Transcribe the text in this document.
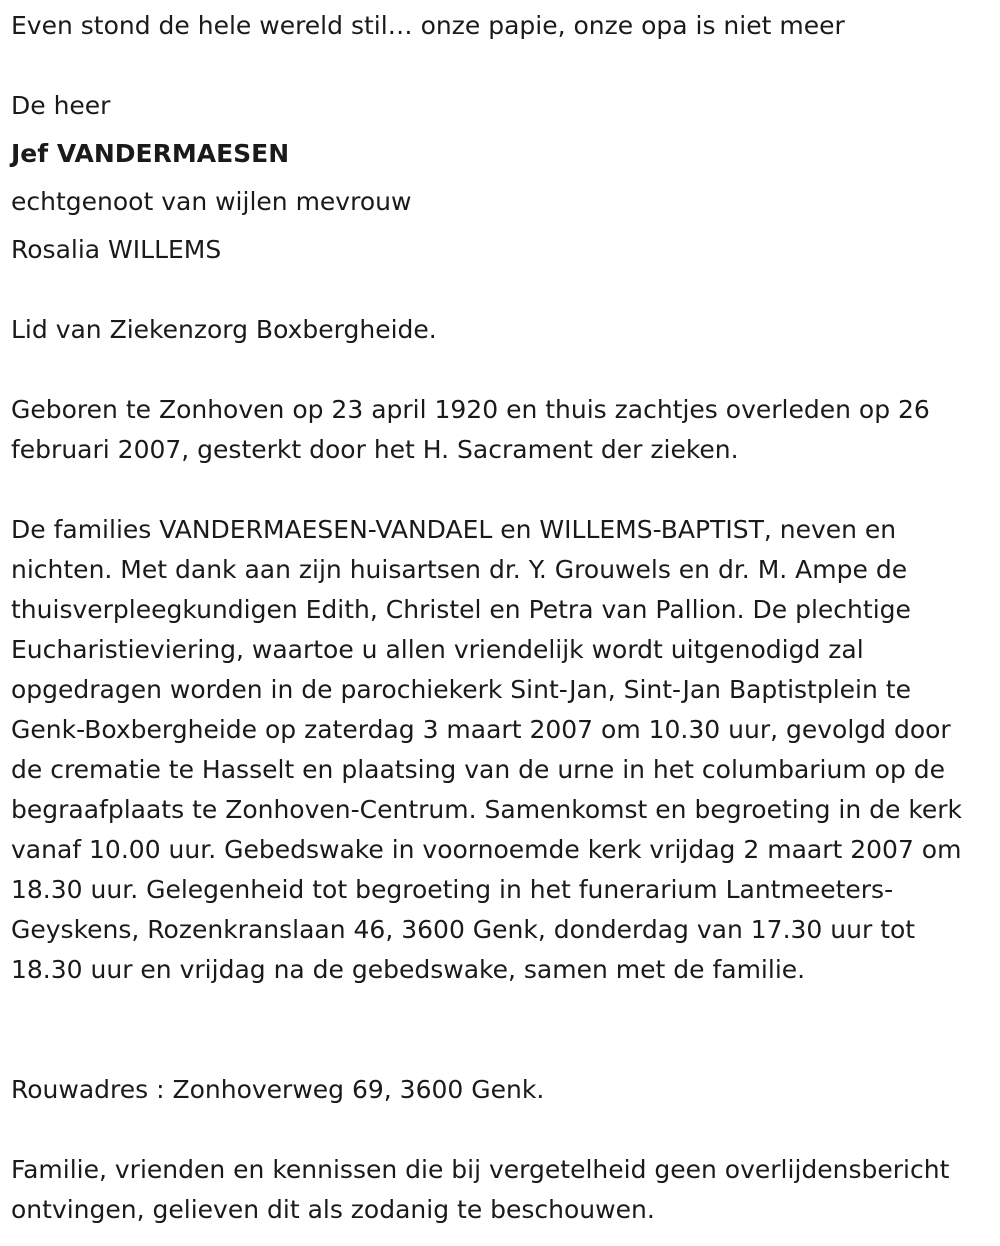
Even stond de hele wereld stil… onze papie, onze opa is niet meer

De heer

Jef VANDERMAESEN

echtgenoot van wijlen mevrouw

Rosalia WILLEMS

Lid van Ziekenzorg Boxbergheide.

Geboren te Zonhoven op 23 april 1920 en thuis zachtjes overleden op 26 februari 2007, gesterkt door het H. Sacrament der zieken.

De families VANDERMAESEN-VANDAEL en WILLEMS-BAPTIST, neven en nichten. Met dank aan zijn huisartsen dr. Y. Grouwels en dr. M. Ampe de thuisverpleegkundigen Edith, Christel en Petra van Pallion. De plechtige Eucharistieviering, waartoe u allen vriendelijk wordt uitgenodigd zal opgedragen worden in de parochiekerk Sint-Jan, Sint-Jan Baptistplein te Genk-Boxbergheide op zaterdag 3 maart 2007 om 10.30 uur, gevolgd door de crematie te Hasselt en plaatsing van de urne in het columbarium op de begraafplaats te Zonhoven-Centrum. Samenkomst en begroeting in de kerk vanaf 10.00 uur. Gebedswake in voornoemde kerk vrijdag 2 maart 2007 om 18.30 uur. Gelegenheid tot begroeting in het funerarium Lantmeeters-Geyskens, Rozenkranslaan 46, 3600 Genk, donderdag van 17.30 uur tot 18.30 uur en vrijdag na de gebedswake, samen met de familie.

Rouwadres : Zonhoverweg 69, 3600 Genk.

Familie, vrienden en kennissen die bij vergetelheid geen overlijdensbericht ontvingen, gelieven dit als zodanig te beschouwen.
